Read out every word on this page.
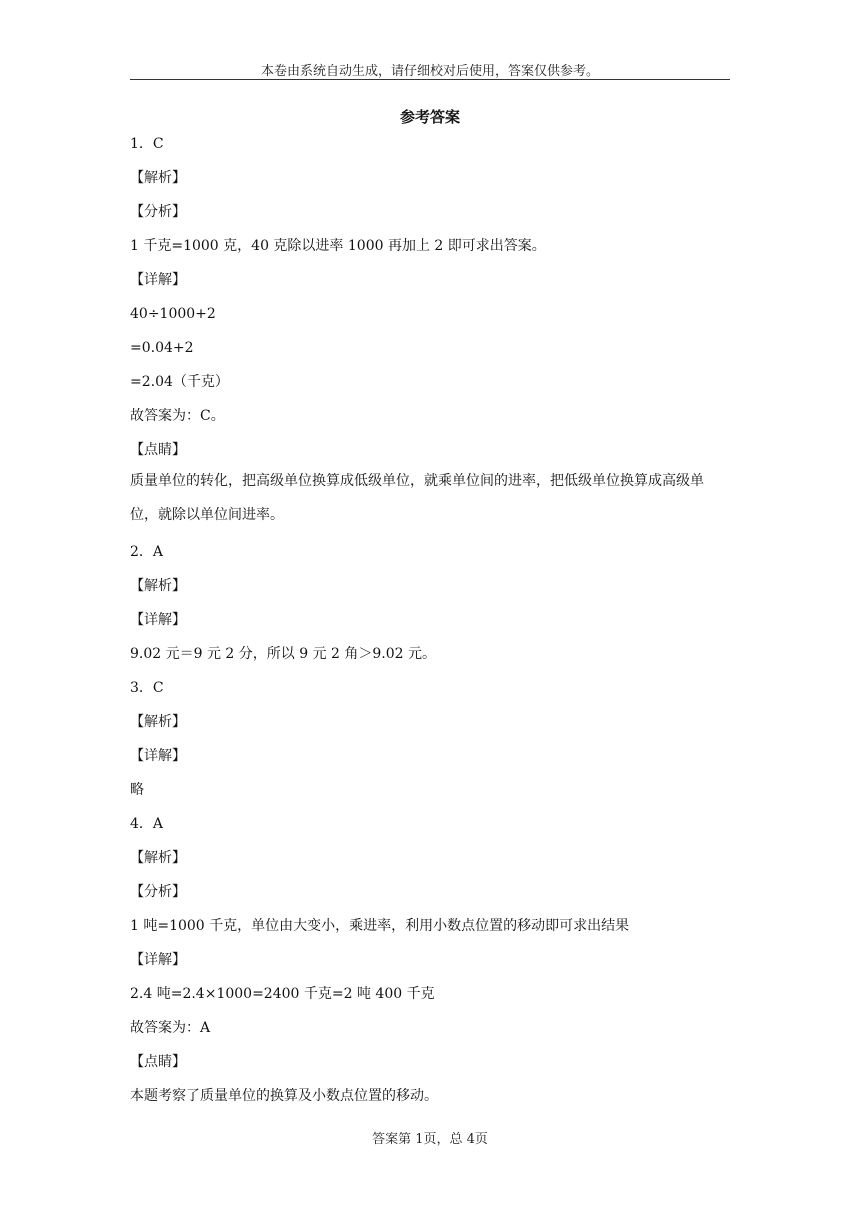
本卷由系统自动生成，请仔细校对后使用，答案仅供参考。
参考答案
1．C
【解析】
【分析】
1 千克=1000 克，40 克除以进率 1000 再加上 2 即可求出答案。
【详解】
40÷1000+2
=0.04+2
=2.04（千克）
故答案为：C。
【点睛】
质量单位的转化，把高级单位换算成低级单位，就乘单位间的进率，把低级单位换算成高级单位，就除以单位间进率。
2．A
【解析】
【详解】
9.02 元＝9 元 2 分，所以 9 元 2 角＞9.02 元。
3．C
【解析】
【详解】
略
4．A
【解析】
【分析】
1 吨=1000 千克，单位由大变小，乘进率，利用小数点位置的移动即可求出结果
【详解】
2.4 吨=2.4×1000=2400 千克=2 吨 400 千克
故答案为：A
【点睛】
本题考察了质量单位的换算及小数点位置的移动。
答案第 1页，总 4页
